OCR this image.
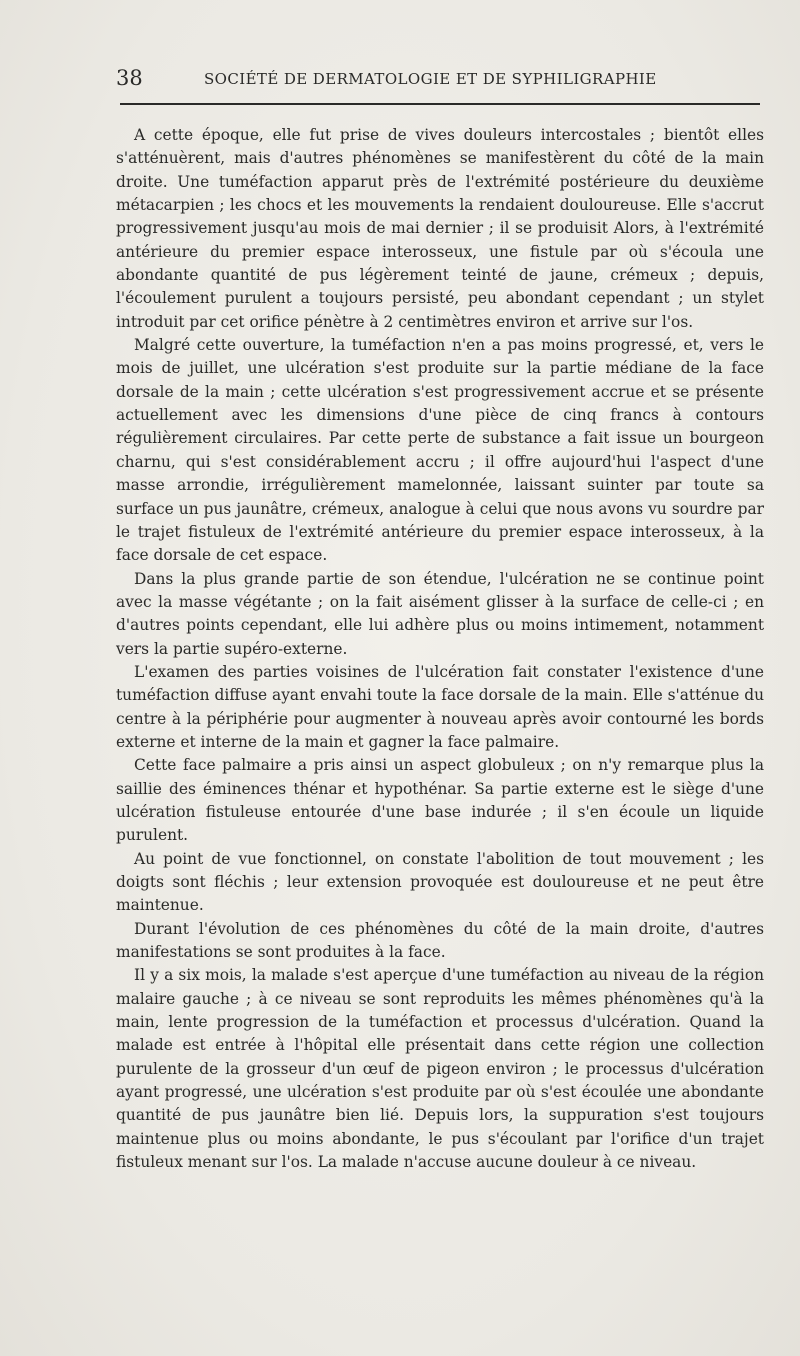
38	SOCIÉTÉ DE DERMATOLOGIE ET DE SYPHILIGRAPHIE

A cette époque, elle fut prise de vives douleurs intercostales ; bientôt elles s'atténuèrent, mais d'autres phénomènes se manifestèrent du côté de la main droite. Une tuméfaction apparut près de l'extrémité postérieure du deuxième métacarpien ; les chocs et les mouvements la rendaient douloureuse. Elle s'accrut progressivement jusqu'au mois de mai dernier ; il se produisit Alors, à l'extrémité antérieure du premier espace interosseux, une fistule par où s'écoula une abondante quantité de pus légèrement teinté de jaune, crémeux ; depuis, l'écoulement purulent a toujours persisté, peu abondant cependant ; un stylet introduit par cet orifice pénètre à 2 centimètres environ et arrive sur l'os.

Malgré cette ouverture, la tuméfaction n'en a pas moins progressé, et, vers le mois de juillet, une ulcération s'est produite sur la partie médiane de la face dorsale de la main ; cette ulcération s'est progressivement accrue et se présente actuellement avec les dimensions d'une pièce de cinq francs à contours régulièrement circulaires. Par cette perte de substance a fait issue un bourgeon charnu, qui s'est considérablement accru ; il offre aujourd'hui l'aspect d'une masse arrondie, irrégulièrement mamelonnée, laissant suinter par toute sa surface un pus jaunâtre, crémeux, analogue à celui que nous avons vu sourdre par le trajet fistuleux de l'extrémité antérieure du premier espace interosseux, à la face dorsale de cet espace.

Dans la plus grande partie de son étendue, l'ulcération ne se continue point avec la masse végétante ; on la fait aisément glisser à la surface de celle-ci ; en d'autres points cependant, elle lui adhère plus ou moins intimement, notamment vers la partie supéro-externe.

L'examen des parties voisines de l'ulcération fait constater l'existence d'une tuméfaction diffuse ayant envahi toute la face dorsale de la main. Elle s'atténue du centre à la périphérie pour augmenter à nouveau après avoir contourné les bords externe et interne de la main et gagner la face palmaire.

Cette face palmaire a pris ainsi un aspect globuleux ; on n'y remarque plus la saillie des éminences thénar et hypothénar. Sa partie externe est le siège d'une ulcération fistuleuse entourée d'une base indurée ; il s'en écoule un liquide purulent.

Au point de vue fonctionnel, on constate l'abolition de tout mouvement ; les doigts sont fléchis ; leur extension provoquée est douloureuse et ne peut être maintenue.

Durant l'évolution de ces phénomènes du côté de la main droite, d'autres manifestations se sont produites à la face.

Il y a six mois, la malade s'est aperçue d'une tuméfaction au niveau de la région malaire gauche ; à ce niveau se sont reproduits les mêmes phénomènes qu'à la main, lente progression de la tuméfaction et processus d'ulcération. Quand la malade est entrée à l'hôpital elle présentait dans cette région une collection purulente de la grosseur d'un œuf de pigeon environ ; le processus d'ulcération ayant progressé, une ulcération s'est produite par où s'est écoulée une abondante quantité de pus jaunâtre bien lié. Depuis lors, la suppuration s'est toujours maintenue plus ou moins abondante, le pus s'écoulant par l'orifice d'un trajet fistuleux menant sur l'os. La malade n'accuse aucune douleur à ce niveau.
